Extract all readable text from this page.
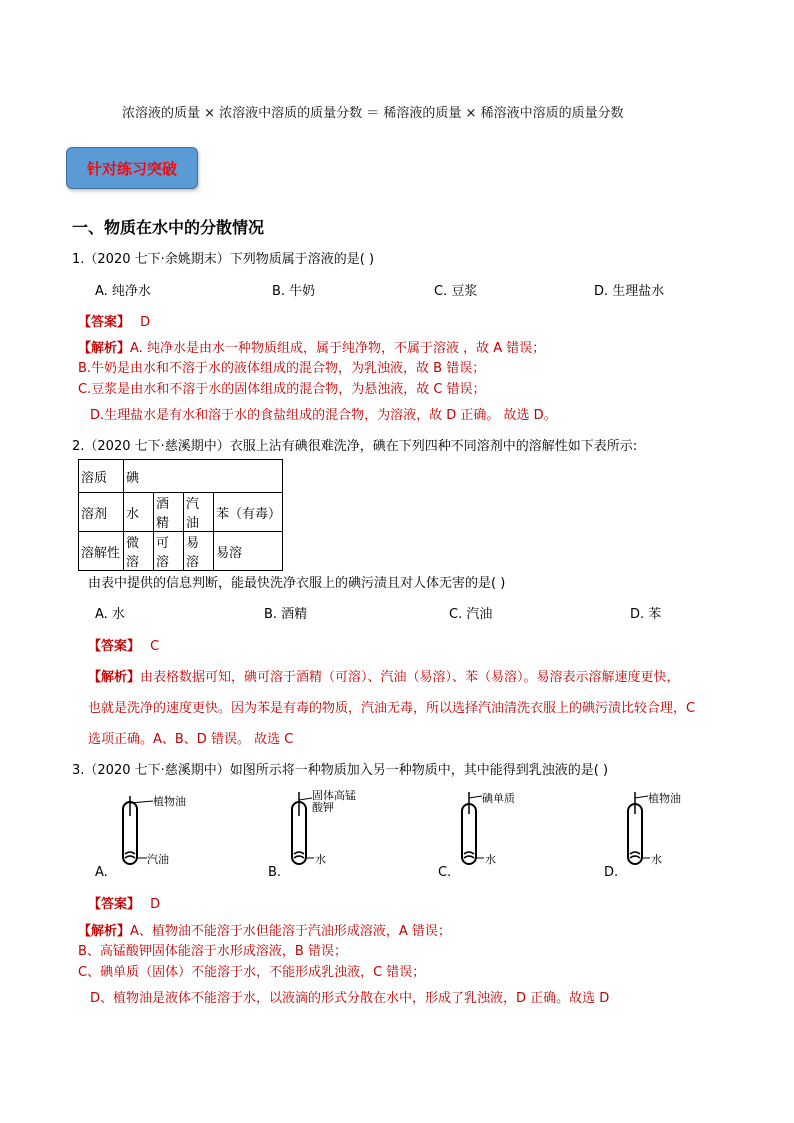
浓溶液的质量 × 浓溶液中溶质的质量分数 ＝ 稀溶液的质量 × 稀溶液中溶质的质量分数
针对练习突破
一、物质在水中的分散情况
1.（2020 七下·余姚期末）下列物质属于溶液的是( )
A. 纯净水	B. 牛奶	C. 豆浆	D. 生理盐水
【答案】 D
【解析】A. 纯净水是由水一种物质组成，属于纯净物，不属于溶液 ，故 A 错误；
B.牛奶是由水和不溶于水的液体组成的混合物，为乳浊液，故 B 错误；
C.豆浆是由水和不溶于水的固体组成的混合物，为悬浊液，故 C 错误；
D.生理盐水是有水和溶于水的食盐组成的混合物，为溶液，故 D 正确。 故选 D。
2.（2020 七下·慈溪期中）衣服上沾有碘很难洗净，碘在下列四种不同溶剂中的溶解性如下表所示:
溶质	碘			
溶剂	水	酒精	汽油	苯（有毒）
溶解性	微溶	可溶	易溶	易溶
由表中提供的信息判断，能最快洗净衣服上的碘污渍且对人体无害的是( )
A. 水	B. 酒精	C. 汽油	D. 苯
【答案】 C
【解析】由表格数据可知，碘可溶于酒精（可溶）、汽油（易溶）、苯（易溶）。易溶表示溶解速度更快，
也就是洗净的速度更快。因为苯是有毒的物质，汽油无毒，所以选择汽油清洗衣服上的碘污渍比较合理，C
选项正确。A、B、D 错误。 故选 C
3.（2020 七下·慈溪期中）如图所示将一种物质加入另一种物质中，其中能得到乳浊液的是( )
植物油
汽油
A.
固体高锰酸钾
水
B.
碘单质
水
C.
植物油
水
D.
【答案】 D
【解析】A、植物油不能溶于水但能溶于汽油形成溶液，A 错误；
B、高锰酸钾固体能溶于水形成溶液，B 错误；
C、碘单质（固体）不能溶于水，不能形成乳浊液，C 错误；
D、植物油是液体不能溶于水，以液滴的形式分散在水中，形成了乳浊液，D 正确。故选 D
